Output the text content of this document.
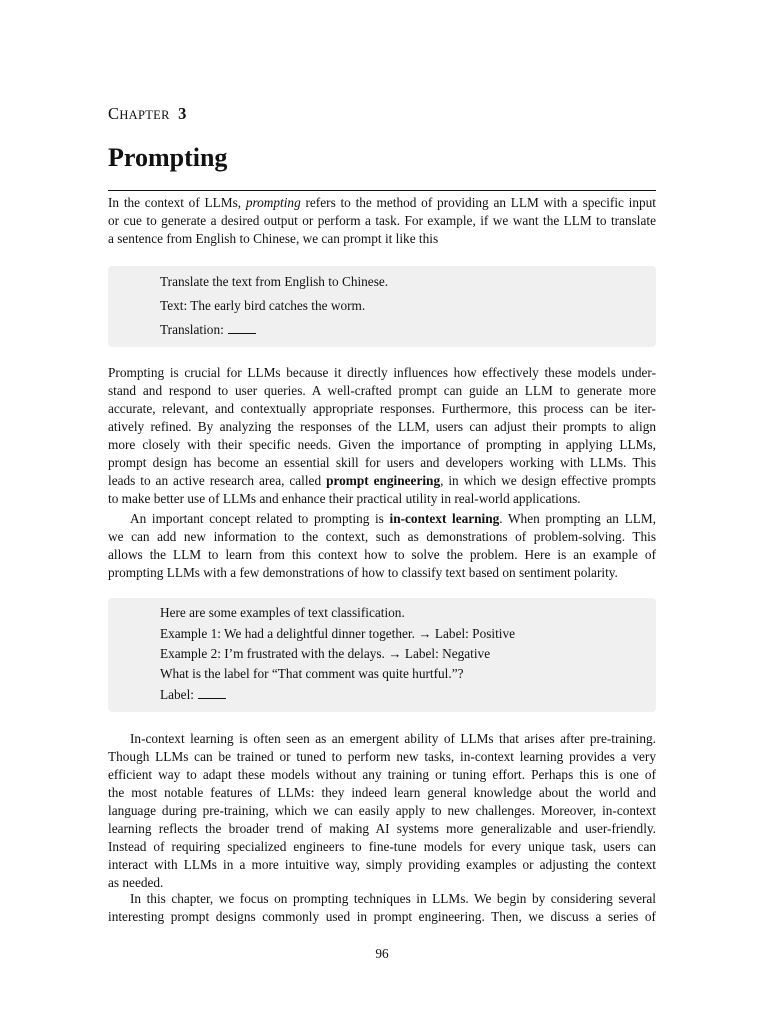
CHAPTER 3
Prompting
In the context of LLMs, prompting refers to the method of providing an LLM with a specific input
or cue to generate a desired output or perform a task. For example, if we want the LLM to translate
a sentence from English to Chinese, we can prompt it like this
Translate the text from English to Chinese.
Text: The early bird catches the worm.
Translation:
Prompting is crucial for LLMs because it directly influences how effectively these models under-
stand and respond to user queries. A well-crafted prompt can guide an LLM to generate more
accurate, relevant, and contextually appropriate responses. Furthermore, this process can be iter-
atively refined. By analyzing the responses of the LLM, users can adjust their prompts to align
more closely with their specific needs. Given the importance of prompting in applying LLMs,
prompt design has become an essential skill for users and developers working with LLMs. This
leads to an active research area, called prompt engineering, in which we design effective prompts
to make better use of LLMs and enhance their practical utility in real-world applications.
An important concept related to prompting is in-context learning. When prompting an LLM,
we can add new information to the context, such as demonstrations of problem-solving. This
allows the LLM to learn from this context how to solve the problem. Here is an example of
prompting LLMs with a few demonstrations of how to classify text based on sentiment polarity.
Here are some examples of text classification.
Example 1: We had a delightful dinner together. → Label: Positive
Example 2: I’m frustrated with the delays. → Label: Negative
What is the label for “That comment was quite hurtful.”?
Label:
In-context learning is often seen as an emergent ability of LLMs that arises after pre-training.
Though LLMs can be trained or tuned to perform new tasks, in-context learning provides a very
efficient way to adapt these models without any training or tuning effort. Perhaps this is one of
the most notable features of LLMs: they indeed learn general knowledge about the world and
language during pre-training, which we can easily apply to new challenges. Moreover, in-context
learning reflects the broader trend of making AI systems more generalizable and user-friendly.
Instead of requiring specialized engineers to fine-tune models for every unique task, users can
interact with LLMs in a more intuitive way, simply providing examples or adjusting the context
as needed.
In this chapter, we focus on prompting techniques in LLMs. We begin by considering several
interesting prompt designs commonly used in prompt engineering. Then, we discuss a series of
96
